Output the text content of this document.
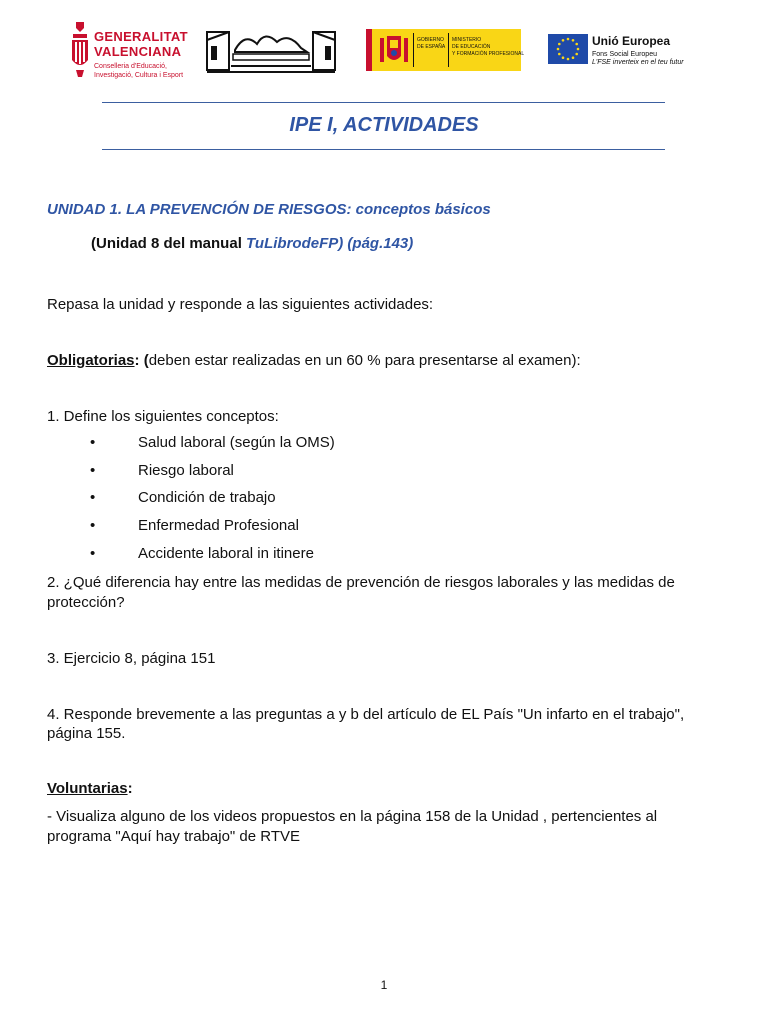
GENERALITAT
VALENCIANA
Conselleria d'Educació,
Investigació, Cultura i Esport
GOBIERNO
DE ESPAÑA
MINISTERIO
DE EDUCACIÓN
Y FORMACIÓN PROFESIONAL
Unió Europea
Fons Social Europeu
L'FSE inverteix en el teu futur
IPE I, ACTIVIDADES
UNIDAD 1. LA PREVENCIÓN DE RIESGOS: conceptos básicos
(Unidad 8 del manual TuLibrodeFP) (pág.143)
Repasa la unidad y responde a las siguientes actividades:
Obligatorias: (deben estar realizadas en un 60 % para presentarse al examen):
1. Define los siguientes conceptos:
•	Salud laboral (según la OMS)
•	Riesgo laboral
•	Condición de trabajo
•	Enfermedad Profesional
•	Accidente laboral in itinere
2. ¿Qué diferencia hay entre las medidas de prevención de riesgos laborales y las medidas de
protección?
3. Ejercicio 8, página 151
4. Responde brevemente a las preguntas a y b del artículo de EL País "Un infarto en el trabajo",
página 155.
Voluntarias:
- Visualiza alguno de los videos propuestos en la página 158 de la Unidad , pertencientes al
programa "Aquí hay trabajo" de RTVE
1
